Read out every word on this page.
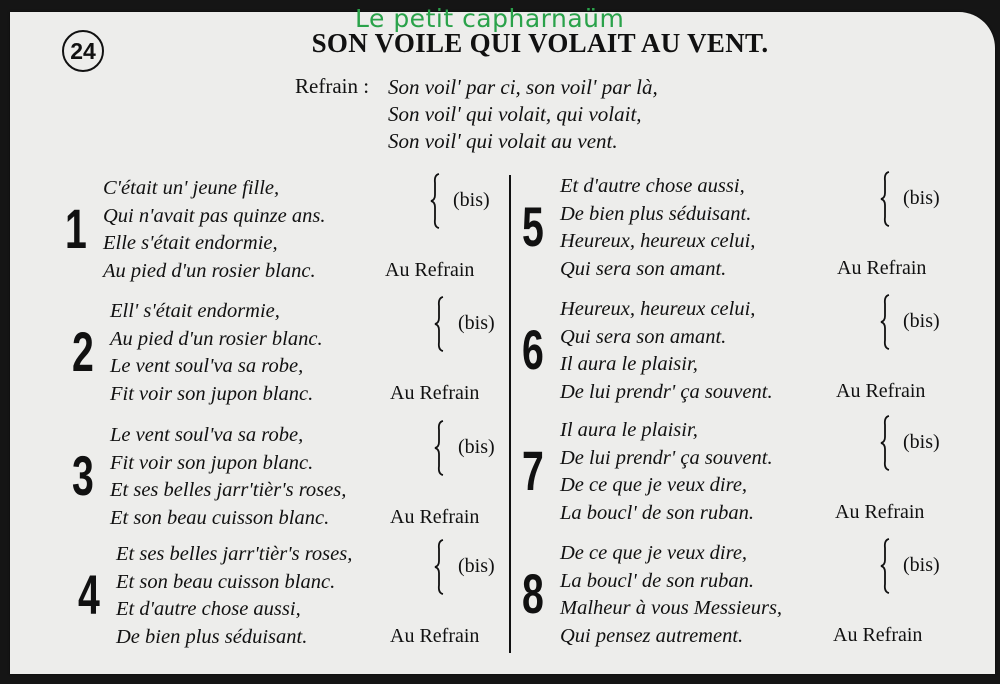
24	SON VOILE QUI VOLAIT AU VENT.
Refrain : Son voil' par ci, son voil' par là,
Son voil' qui volait, qui volait,
Son voil' qui volait au vent.
1
C'était un' jeune fille,
Qui n'avait pas quinze ans.
Elle s'était endormie,
Au pied d'un rosier blanc.
(bis)
Au Refrain
2
Ell' s'était endormie,
Au pied d'un rosier blanc.
Le vent soul'va sa robe,
Fit voir son jupon blanc.
(bis)
Au Refrain
3
Le vent soul'va sa robe,
Fit voir son jupon blanc.
Et ses belles jarr'tièr's roses,
Et son beau cuisson blanc.
(bis)
Au Refrain
4
Et ses belles jarr'tièr's roses,
Et son beau cuisson blanc.
Et d'autre chose aussi,
De bien plus séduisant.
(bis)
Au Refrain
5
Et d'autre chose aussi,
De bien plus séduisant.
Heureux, heureux celui,
Qui sera son amant.
(bis)
Au Refrain
6
Heureux, heureux celui,
Qui sera son amant.
Il aura le plaisir,
De lui prendr' ça souvent.
(bis)
Au Refrain
7
Il aura le plaisir,
De lui prendr' ça souvent.
De ce que je veux dire,
La boucl' de son ruban.
(bis)
Au Refrain
8
De ce que je veux dire,
La boucl' de son ruban.
Malheur à vous Messieurs,
Qui pensez autrement.
(bis)
Au Refrain
Le petit capharnaüm
